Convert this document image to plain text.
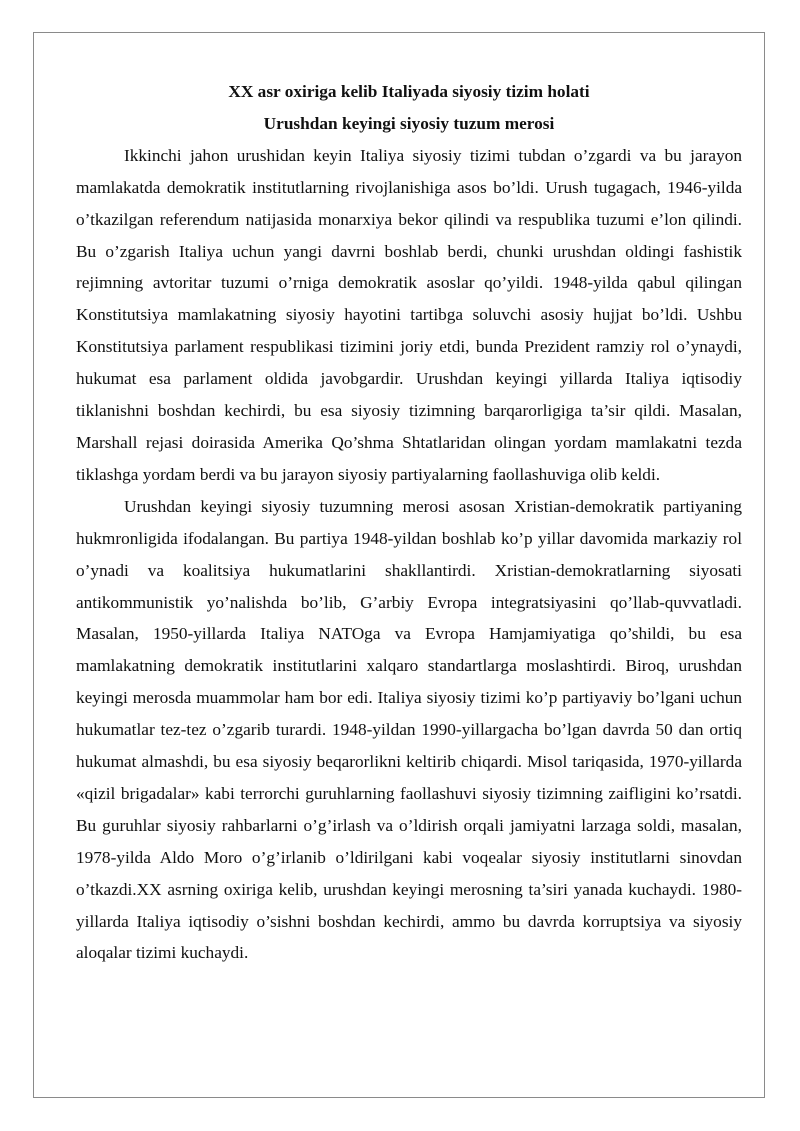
XX asr oxiriga kelib Italiyada siyosiy tizim holati

Urushdan keyingi siyosiy tuzum merosi

Ikkinchi jahon urushidan keyin Italiya siyosiy tizimi tubdan o’zgardi va bu jarayon mamlakatda demokratik institutlarning rivojlanishiga asos bo’ldi. Urush tugagach, 1946-yilda o’tkazilgan referendum natijasida monarxiya bekor qilindi va respublika tuzumi e’lon qilindi. Bu o’zgarish Italiya uchun yangi davrni boshlab berdi, chunki urushdan oldingi fashistik rejimning avtoritar tuzumi o’rniga demokratik asoslar qo’yildi. 1948-yilda qabul qilingan Konstitutsiya mamlakatning siyosiy hayotini tartibga soluvchi asosiy hujjat bo’ldi. Ushbu Konstitutsiya parlament respublikasi tizimini joriy etdi, bunda Prezident ramziy rol o’ynaydi, hukumat esa parlament oldida javobgardir. Urushdan keyingi yillarda Italiya iqtisodiy tiklanishni boshdan kechirdi, bu esa siyosiy tizimning barqarorligiga ta’sir qildi. Masalan, Marshall rejasi doirasida Amerika Qo’shma Shtatlaridan olingan yordam mamlakatni tezda tiklashga yordam berdi va bu jarayon siyosiy partiyalarning faollashuviga olib keldi.

Urushdan keyingi siyosiy tuzumning merosi asosan Xristian-demokratik partiyaning hukmronligida ifodalangan. Bu partiya 1948-yildan boshlab ko’p yillar davomida markaziy rol o’ynadi va koalitsiya hukumatlarini shakllantirdi. Xristian-demokratlarning siyosati antikommunistik yo’nalishda bo’lib, G’arbiy Evropa integratsiyasini qo’llab-quvvatladi. Masalan, 1950-yillarda Italiya NATOga va Evropa Hamjamiyatiga qo’shildi, bu esa mamlakatning demokratik institutlarini xalqaro standartlarga moslashtirdi. Biroq, urushdan keyingi merosda muammolar ham bor edi. Italiya siyosiy tizimi ko’p partiyaviy bo’lgani uchun hukumatlar tez-tez o’zgarib turardi. 1948-yildan 1990-yillargacha bo’lgan davrda 50 dan ortiq hukumat almashdi, bu esa siyosiy beqarorlikni keltirib chiqardi. Misol tariqasida, 1970-yillarda «qizil brigadalar» kabi terrorchi guruhlarning faollashuvi siyosiy tizimning zaifligini ko’rsatdi. Bu guruhlar siyosiy rahbarlarni o’g’irlash va o’ldirish orqali jamiyatni larzaga soldi, masalan, 1978-yilda Aldo Moro o’g’irlanib o’ldirilgani kabi voqealar siyosiy institutlarni sinovdan o’tkazdi.XX asrning oxiriga kelib, urushdan keyingi merosning ta’siri yanada kuchaydi. 1980-yillarda Italiya iqtisodiy o’sishni boshdan kechirdi, ammo bu davrda korruptsiya va siyosiy aloqalar tizimi kuchaydi.
